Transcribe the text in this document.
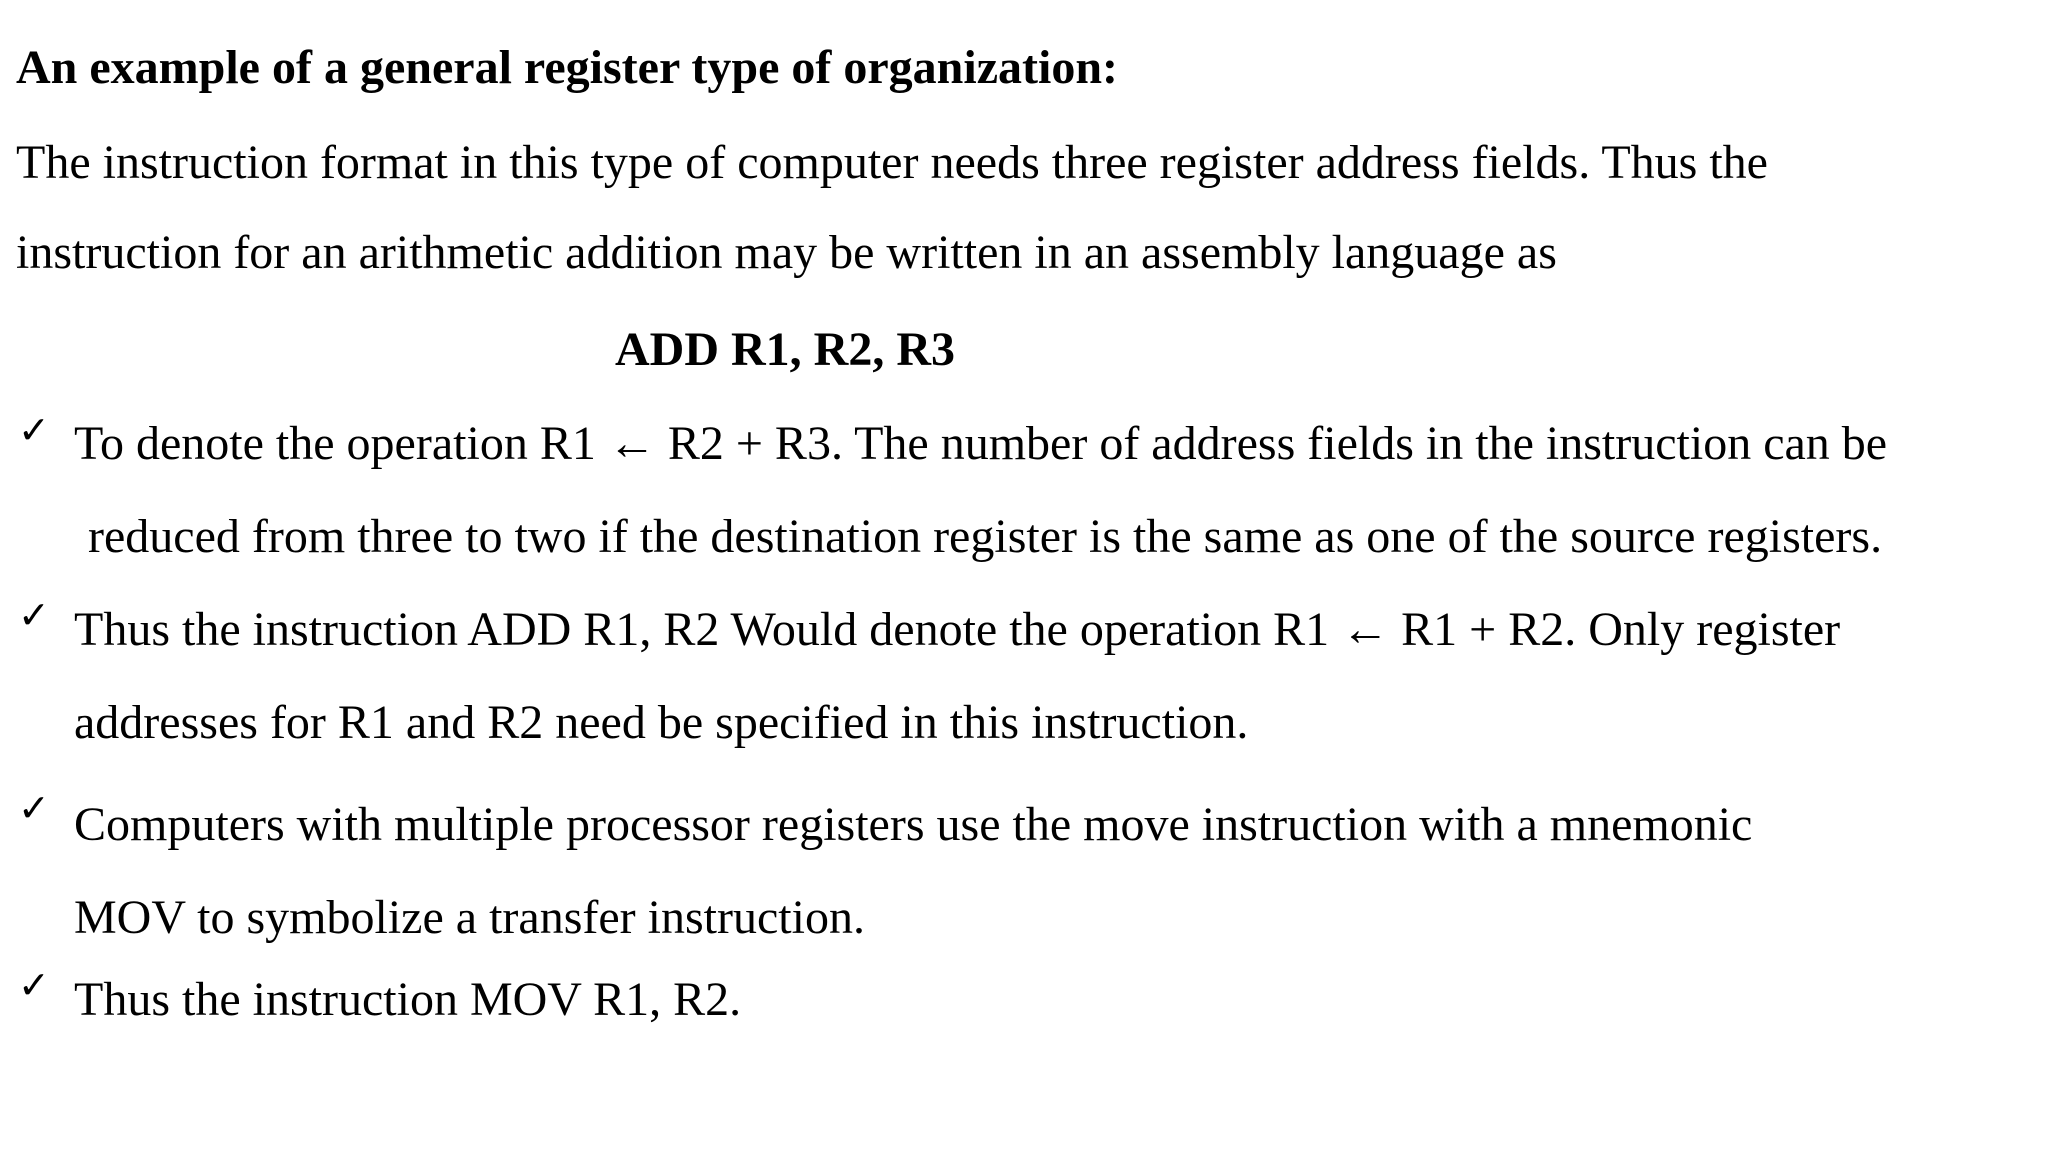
An example of a general register type of organization:
The instruction format in this type of computer needs three register address fields. Thus the
instruction for an arithmetic addition may be written in an assembly language as
ADD R1, R2, R3
✓ To denote the operation R1 ← R2 + R3. The number of address fields in the instruction can be
reduced from three to two if the destination register is the same as one of the source registers.
✓ Thus the instruction ADD R1, R2 Would denote the operation R1 ← R1 + R2. Only register
addresses for R1 and R2 need be specified in this instruction.
✓ Computers with multiple processor registers use the move instruction with a mnemonic
MOV to symbolize a transfer instruction.
✓ Thus the instruction MOV R1, R2.
